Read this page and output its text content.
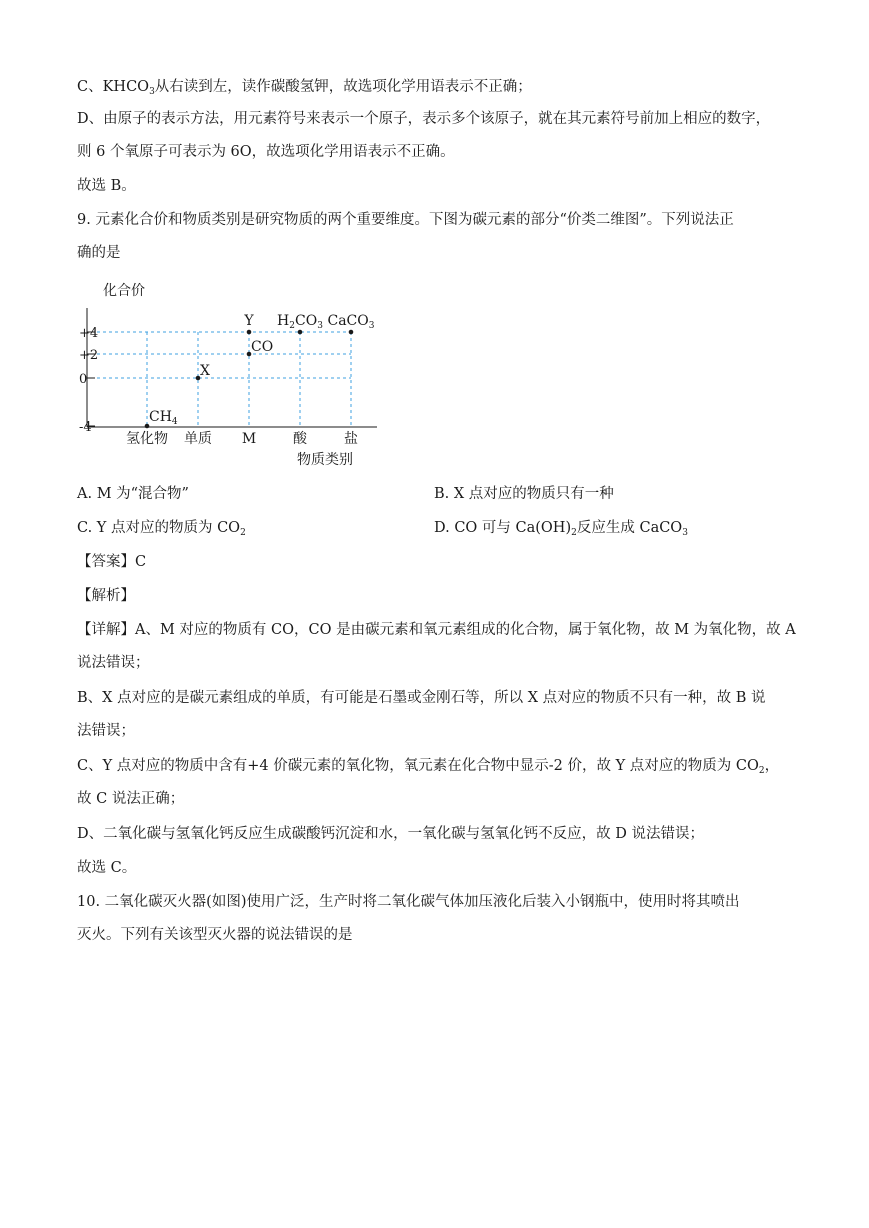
C、$KHCO_3$从右读到左，读作碳酸氢钾，故选项化学用语表示不正确；
D、由原子的表示方法，用元素符号来表示一个原子，表示多个该原子，就在其元素符号前加上相应的数字，
则 6 个氧原子可表示为 6O，故选项化学用语表示不正确。
故选 B。
9. 元素化合价和物质类别是研究物质的两个重要维度。下图为碳元素的部分“价类二维图”。下列说法正
确的是
化合价
物质类别
+4
+2
0
-4
氢化物 单质 M	酸	盐
$CH_4$
X
CO
Y $H_2CO_3$ CaCO$_3$
A. M 为“混合物”	B. X 点对应的物质只有一种
C. Y 点对应的物质为 $CO_2$	D. CO 可与 $Ca(OH)_2$反应生成 CaCO$_3$
【答案】C
【解析】
【详解】A、M 对应的物质有 CO，CO 是由碳元素和氧元素组成的化合物，属于氧化物，故 M 为氧化物，故 A
说法错误；
B、X 点对应的是碳元素组成的单质，有可能是石墨或金刚石等，所以 X 点对应的物质不只有一种，故 B 说
法错误；
C、Y 点对应的物质中含有+4 价碳元素的氧化物，氧元素在化合物中显示-2 价，故 Y 点对应的物质为 $CO_2$，
故 C 说法正确；
D、二氧化碳与氢氧化钙反应生成碳酸钙沉淀和水，一氧化碳与氢氧化钙不反应，故 D 说法错误；
故选 C。
10. 二氧化碳灭火器(如图)使用广泛，生产时将二氧化碳气体加压液化后装入小钢瓶中，使用时将其喷出
灭火。下列有关该型灭火器的说法错误的是
